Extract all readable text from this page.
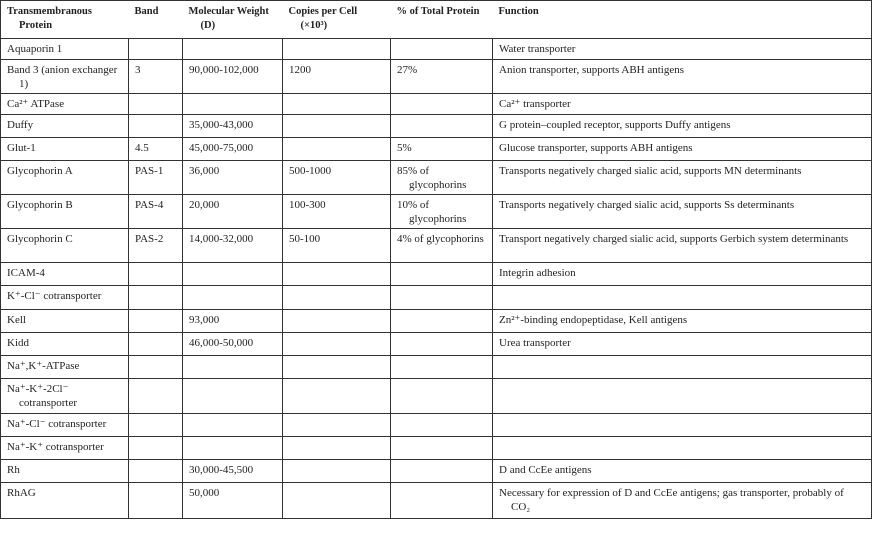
Transmembranous Protein	Band	Molecular Weight (D)	Copies per Cell (×10³)	% of Total Protein	Function
Aquaporin 1					Water transporter
Band 3 (anion exchanger 1)	3	90,000-102,000	1200	27%	Anion transporter, supports ABH antigens
Ca²⁺ ATPase					Ca²⁺ transporter
Duffy		35,000-43,000			G protein–coupled receptor, supports Duffy antigens
Glut-1	4.5	45,000-75,000		5%	Glucose transporter, supports ABH antigens
Glycophorin A	PAS-1	36,000	500-1000	85% of glycophorins	Transports negatively charged sialic acid, supports MN determinants
Glycophorin B	PAS-4	20,000	100-300	10% of glycophorins	Transports negatively charged sialic acid, supports Ss determinants
Glycophorin C	PAS-2	14,000-32,000	50-100	4% of glycophorins	Transport negatively charged sialic acid, supports Gerbich system determinants
ICAM-4					Integrin adhesion
K⁺-Cl⁻ cotransporter					
Kell		93,000			Zn²⁺-binding endopeptidase, Kell antigens
Kidd		46,000-50,000			Urea transporter
Na⁺,K⁺-ATPase					
Na⁺-K⁺-2Cl⁻ cotransporter					
Na⁺-Cl⁻ cotransporter					
Na⁺-K⁺ cotransporter					
Rh		30,000-45,500			D and CcEe antigens
RhAG		50,000			Necessary for expression of D and CcEe antigens; gas transporter, probably of CO₂
